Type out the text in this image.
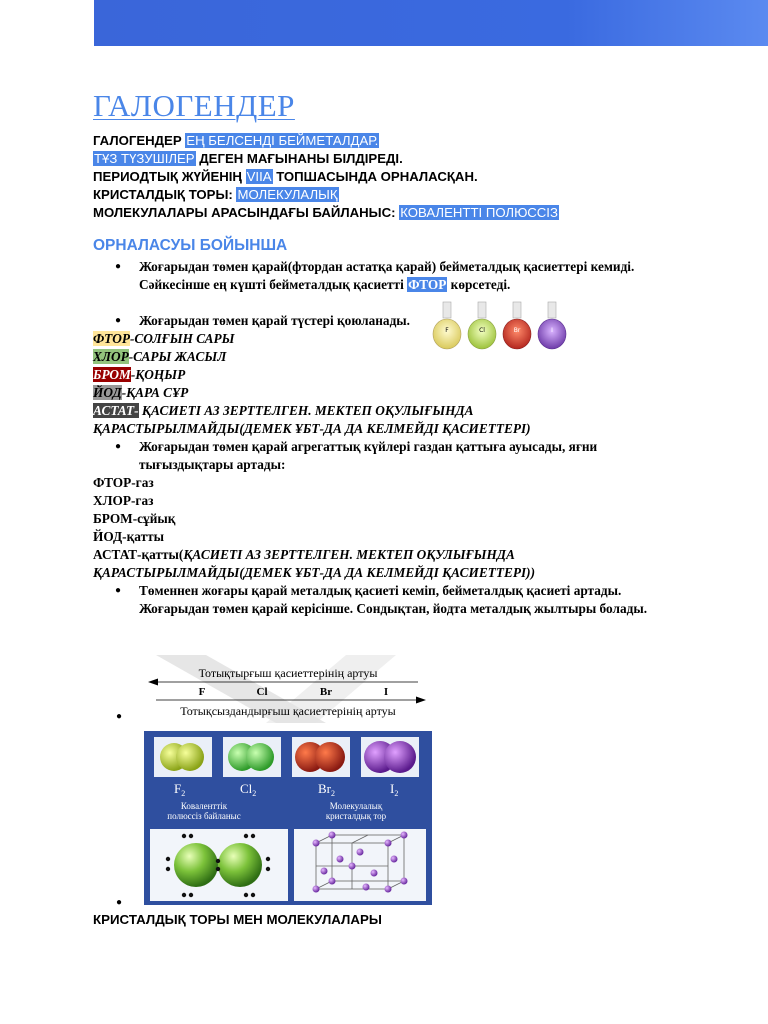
ГАЛОГЕНДЕР
ГАЛОГЕНДЕР ЕҢ БЕЛСЕНДІ БЕЙМЕТАЛДАР.
ТҰЗ ТҮЗУШІЛЕР ДЕГЕН МАҒЫНАНЫ БІЛДІРЕДІ.
ПЕРИОДТЫҚ ЖҮЙЕНІҢ VIIA ТОПШАСЫНДА ОРНАЛАСҚАН.
КРИСТАЛДЫҚ ТОРЫ: МОЛЕКУЛАЛЫҚ
МОЛЕКУЛАЛАРЫ АРАСЫНДАҒЫ БАЙЛАНЫС: КОВАЛЕНТТІ ПОЛЮССІЗ
ОРНАЛАСУЫ БОЙЫНША
● Жоғарыдан төмен қарай(фтордан астатқа қарай) бейметалдық қасиеттері кемиді. Сәйкесінше ең күшті бейметалдық қасиетті ФТОР көрсетеді.
● Жоғарыдан төмен қарай түстері қоюланады.
ФТОР-СОЛҒЫН САРЫ
ХЛОР-САРЫ ЖАСЫЛ
БРОМ-ҚОҢЫР
ЙОД-ҚАРА СҰР
АСТАТ- ҚАСИЕТІ АЗ ЗЕРТТЕЛГЕН. МЕКТЕП ОҚУЛЫҒЫНДА ҚАРАСТЫРЫЛМАЙДЫ(ДЕМЕК ҰБТ-ДА ДА КЕЛМЕЙДІ ҚАСИЕТТЕРІ)
● Жоғарыдан төмен қарай агрегаттық күйлері газдан қаттыға ауысады, яғни тығыздықтары артады:
ФТОР-газ
ХЛОР-газ
БРОМ-сұйық
ЙОД-қатты
АСТАТ-қатты(ҚАСИЕТІ АЗ ЗЕРТТЕЛГЕН. МЕКТЕП ОҚУЛЫҒЫНДА ҚАРАСТЫРЫЛМАЙДЫ(ДЕМЕК ҰБТ-ДА ДА КЕЛМЕЙДІ ҚАСИЕТТЕРІ))
● Төменнен жоғары қарай металдық қасиеті кеміп, бейметалдық қасиеті артады. Жоғарыдан төмен қарай керісінше. Сондықтан, йодта металдық жылтыры болады.
F	Cl	Br	I
●
Тотықтырғыш қасиеттерінің артуы
F	Cl	Br	I
Тотықсыздандырғыш қасиеттерінің артуы
●
$F_2$	$Cl_2$	$Br_2$	$I_2$
Ковaленттік
полюссіз байланыс
Молекулалық
кристалдық тор
КРИСТАЛДЫҚ ТОРЫ МЕН МОЛЕКУЛАЛАРЫ
